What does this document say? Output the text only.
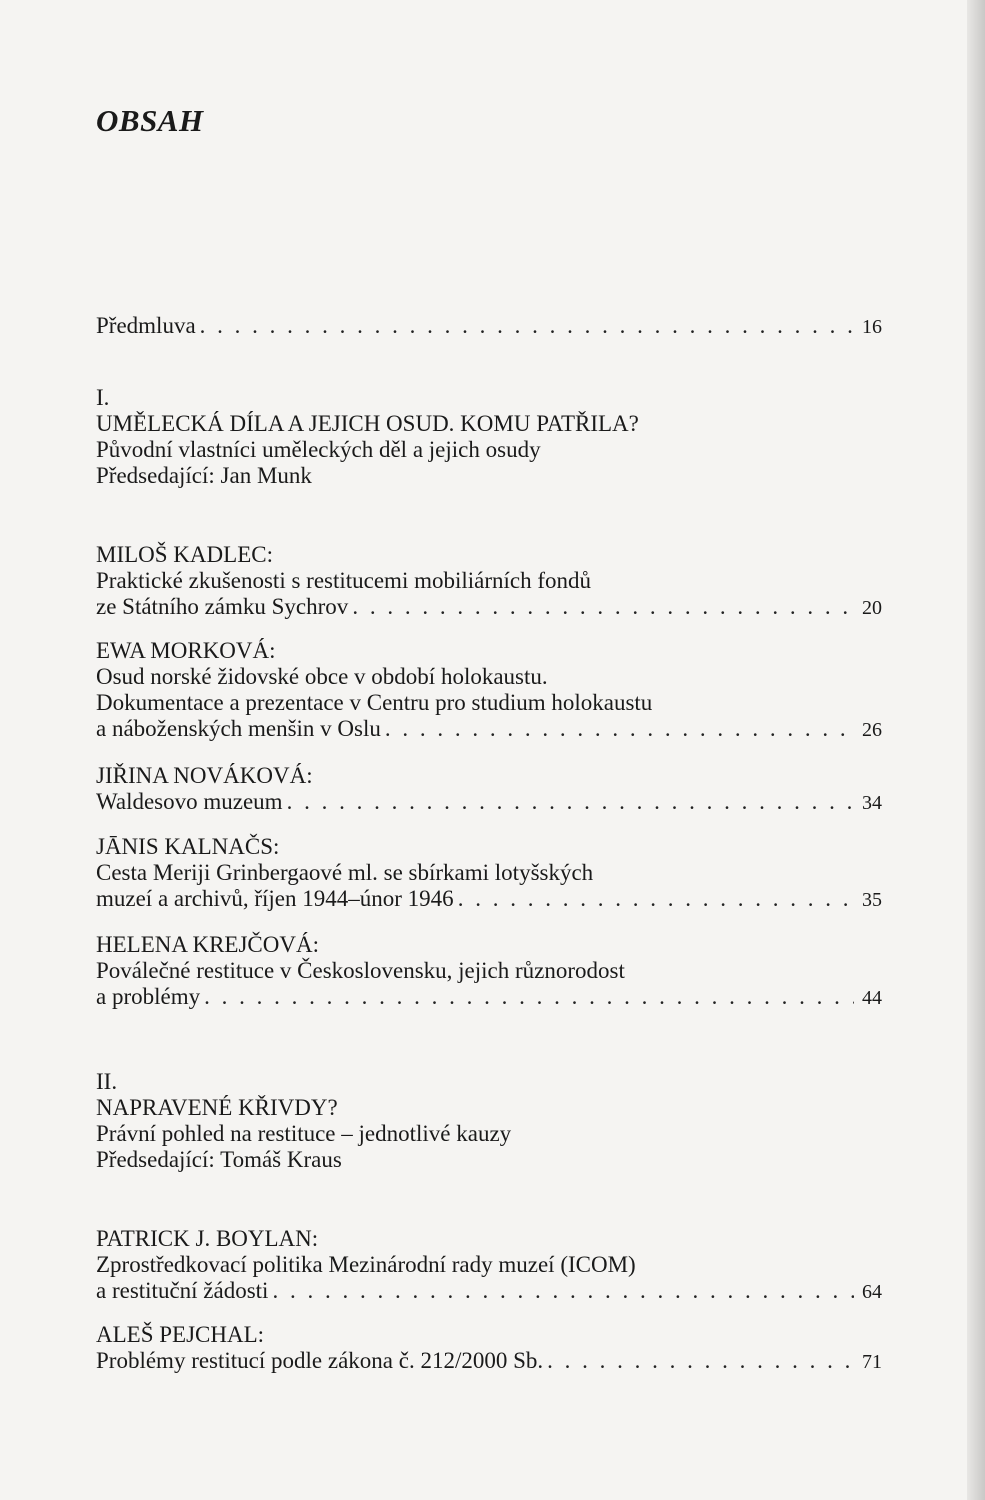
OBSAH
Předmluva . . .	16
I.
UMĚLECKÁ DÍLA A JEJICH OSUD. KOMU PATŘILA?
Původní vlastníci uměleckých děl a jejich osudy
Předsedající: Jan Munk
MILOŠ KADLEC:
Praktické zkušenosti s restitucemi mobiliárních fondů
ze Státního zámku Sychrov . . .	20
EWA MORKOVÁ:
Osud norské židovské obce v období holokaustu.
Dokumentace a prezentace v Centru pro studium holokaustu
a náboženských menšin v Oslu . . .	26
JIŘINA NOVÁKOVÁ:
Waldesovo muzeum . . .	34
JĀNIS KALNAČS:
Cesta Meriji Grinbergaové ml. se sbírkami lotyšských
muzeí a archivů, říjen 1944–únor 1946 . . .	35
HELENA KREJČOVÁ:
Poválečné restituce v Československu, jejich různorodost
a problémy . . .	44
II.
NAPRAVENÉ KŘIVDY?
Právní pohled na restituce – jednotlivé kauzy
Předsedající: Tomáš Kraus
PATRICK J. BOYLAN:
Zprostředkovací politika Mezinárodní rady muzeí (ICOM)
a restituční žádosti . . .	64
ALEŠ PEJCHAL:
Problémy restitucí podle zákona č. 212/2000 Sb. . . .	71
